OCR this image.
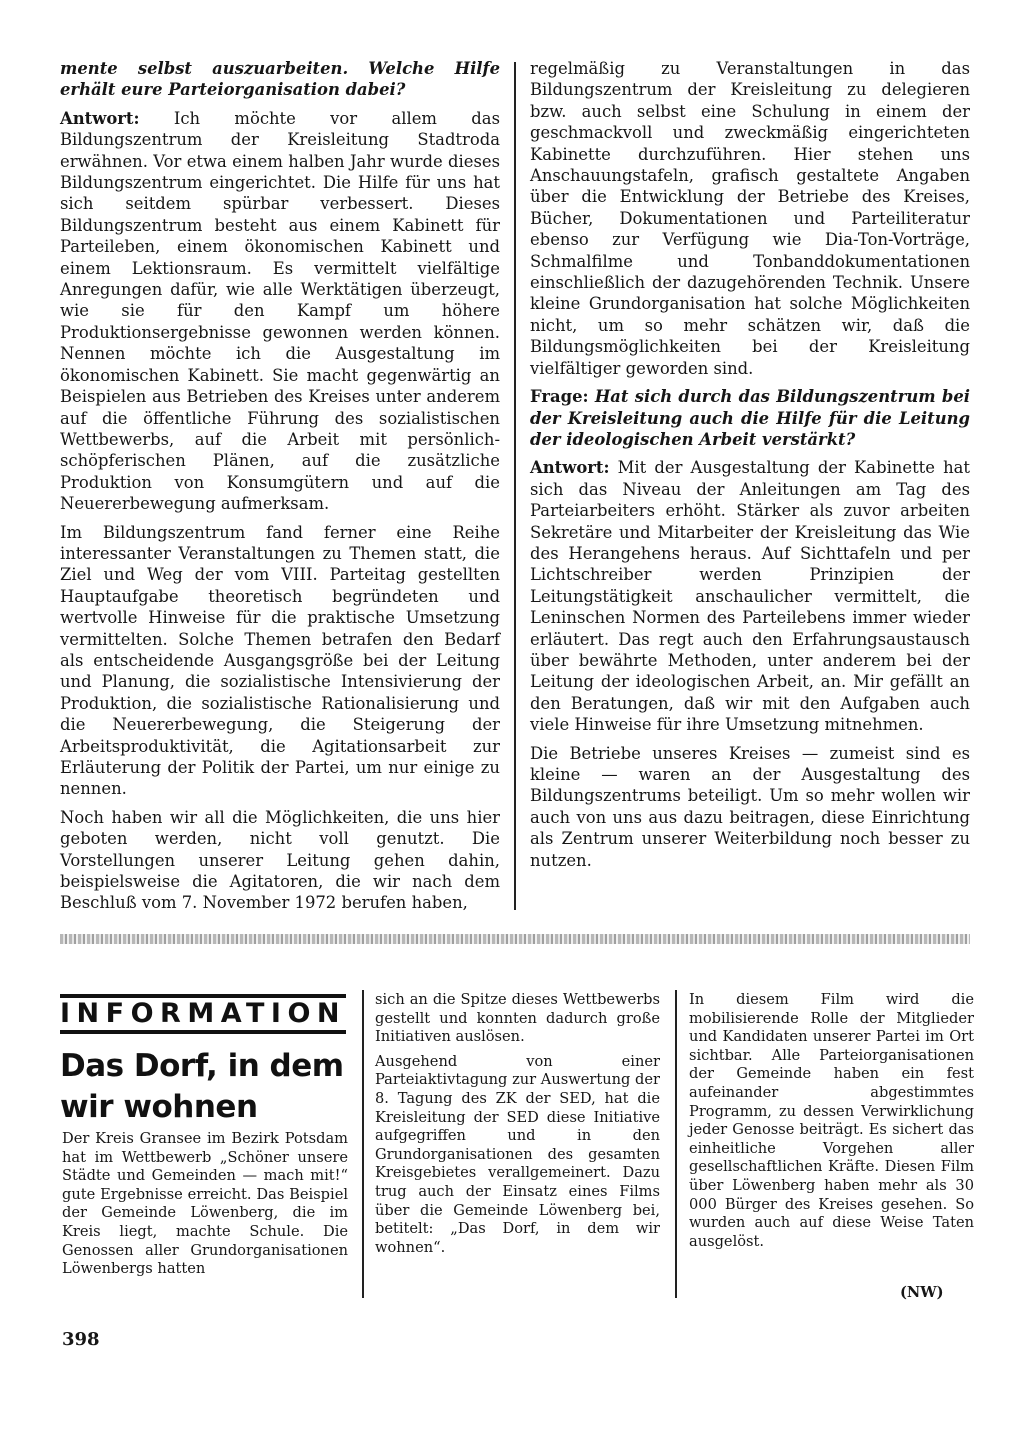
mente selbst auszuarbeiten. Welche Hilfe erhält eure Parteiorganisation dabei?

Antwort: Ich möchte vor allem das Bildungszentrum der Kreisleitung Stadtroda erwähnen. Vor etwa einem halben Jahr wurde dieses Bildungszentrum eingerichtet. Die Hilfe für uns hat sich seitdem spürbar verbessert. Dieses Bildungszentrum besteht aus einem Kabinett für Parteileben, einem ökonomischen Kabinett und einem Lektionsraum. Es vermittelt vielfältige Anregungen dafür, wie alle Werktätigen überzeugt, wie sie für den Kampf um höhere Produktionsergebnisse gewonnen werden können. Nennen möchte ich die Ausgestaltung im ökonomischen Kabinett. Sie macht gegenwärtig an Beispielen aus Betrieben des Kreises unter anderem auf die öffentliche Führung des sozialistischen Wettbewerbs, auf die Arbeit mit persönlich-schöpferischen Plänen, auf die zusätzliche Produktion von Konsumgütern und auf die Neuererbewegung aufmerksam.

Im Bildungszentrum fand ferner eine Reihe interessanter Veranstaltungen zu Themen statt, die Ziel und Weg der vom VIII. Parteitag gestellten Hauptaufgabe theoretisch begründeten und wertvolle Hinweise für die praktische Umsetzung vermittelten. Solche Themen betrafen den Bedarf als entscheidende Ausgangsgröße bei der Leitung und Planung, die sozialistische Intensivierung der Produktion, die sozialistische Rationalisierung und die Neuererbewegung, die Steigerung der Arbeitsproduktivität, die Agitationsarbeit zur Erläuterung der Politik der Partei, um nur einige zu nennen.

Noch haben wir all die Möglichkeiten, die uns hier geboten werden, nicht voll genutzt. Die Vorstellungen unserer Leitung gehen dahin, beispielsweise die Agitatoren, die wir nach dem Beschluß vom 7. November 1972 berufen haben,

regelmäßig zu Veranstaltungen in das Bildungszentrum der Kreisleitung zu delegieren bzw. auch selbst eine Schulung in einem der geschmackvoll und zweckmäßig eingerichteten Kabinette durchzuführen. Hier stehen uns Anschauungstafeln, grafisch gestaltete Angaben über die Entwicklung der Betriebe des Kreises, Bücher, Dokumentationen und Parteiliteratur ebenso zur Verfügung wie Dia-Ton-Vorträge, Schmalfilme und Tonbanddokumentationen einschließlich der dazugehörenden Technik. Unsere kleine Grundorganisation hat solche Möglichkeiten nicht, um so mehr schätzen wir, daß die Bildungsmöglichkeiten bei der Kreisleitung vielfältiger geworden sind.

Frage: Hat sich durch das Bildungszentrum bei der Kreisleitung auch die Hilfe für die Leitung der ideologischen Arbeit verstärkt?

Antwort: Mit der Ausgestaltung der Kabinette hat sich das Niveau der Anleitungen am Tag des Parteiarbeiters erhöht. Stärker als zuvor arbeiten Sekretäre und Mitarbeiter der Kreisleitung das Wie des Herangehens heraus. Auf Sichttafeln und per Lichtschreiber werden Prinzipien der Leitungstätigkeit anschaulicher vermittelt, die Leninschen Normen des Parteilebens immer wieder erläutert. Das regt auch den Erfahrungsaustausch über bewährte Methoden, unter anderem bei der Leitung der ideologischen Arbeit, an. Mir gefällt an den Beratungen, daß wir mit den Aufgaben auch viele Hinweise für ihre Umsetzung mitnehmen.

Die Betriebe unseres Kreises — zumeist sind es kleine — waren an der Ausgestaltung des Bildungszentrums beteiligt. Um so mehr wollen wir auch von uns aus dazu beitragen, diese Einrichtung als Zentrum unserer Weiterbildung noch besser zu nutzen.

INFORMATION
Das Dorf, in dem wir wohnen

Der Kreis Gransee im Bezirk Potsdam hat im Wettbewerb „Schöner unsere Städte und Gemeinden — mach mit!“ gute Ergebnisse erreicht. Das Beispiel der Gemeinde Löwenberg, die im Kreis liegt, machte Schule. Die Genossen aller Grundorganisationen Löwenbergs hatten

sich an die Spitze dieses Wettbewerbs gestellt und konnten dadurch große Initiativen auslösen.

Ausgehend von einer Parteiaktivtagung zur Auswertung der 8. Tagung des ZK der SED, hat die Kreisleitung der SED diese Initiative aufgegriffen und in den Grundorganisationen des gesamten Kreisgebietes verallgemeinert. Dazu trug auch der Einsatz eines Films über die Gemeinde Löwenberg bei, betitelt: „Das Dorf, in dem wir wohnen“.

In diesem Film wird die mobilisierende Rolle der Mitglieder und Kandidaten unserer Partei im Ort sichtbar. Alle Parteiorganisationen der Gemeinde haben ein fest aufeinander abgestimmtes Programm, zu dessen Verwirklichung jeder Genosse beiträgt. Es sichert das einheitliche Vorgehen aller gesellschaftlichen Kräfte. Diesen Film über Löwenberg haben mehr als 30 000 Bürger des Kreises gesehen. So wurden auch auf diese Weise Taten ausgelöst.

(NW)
398
